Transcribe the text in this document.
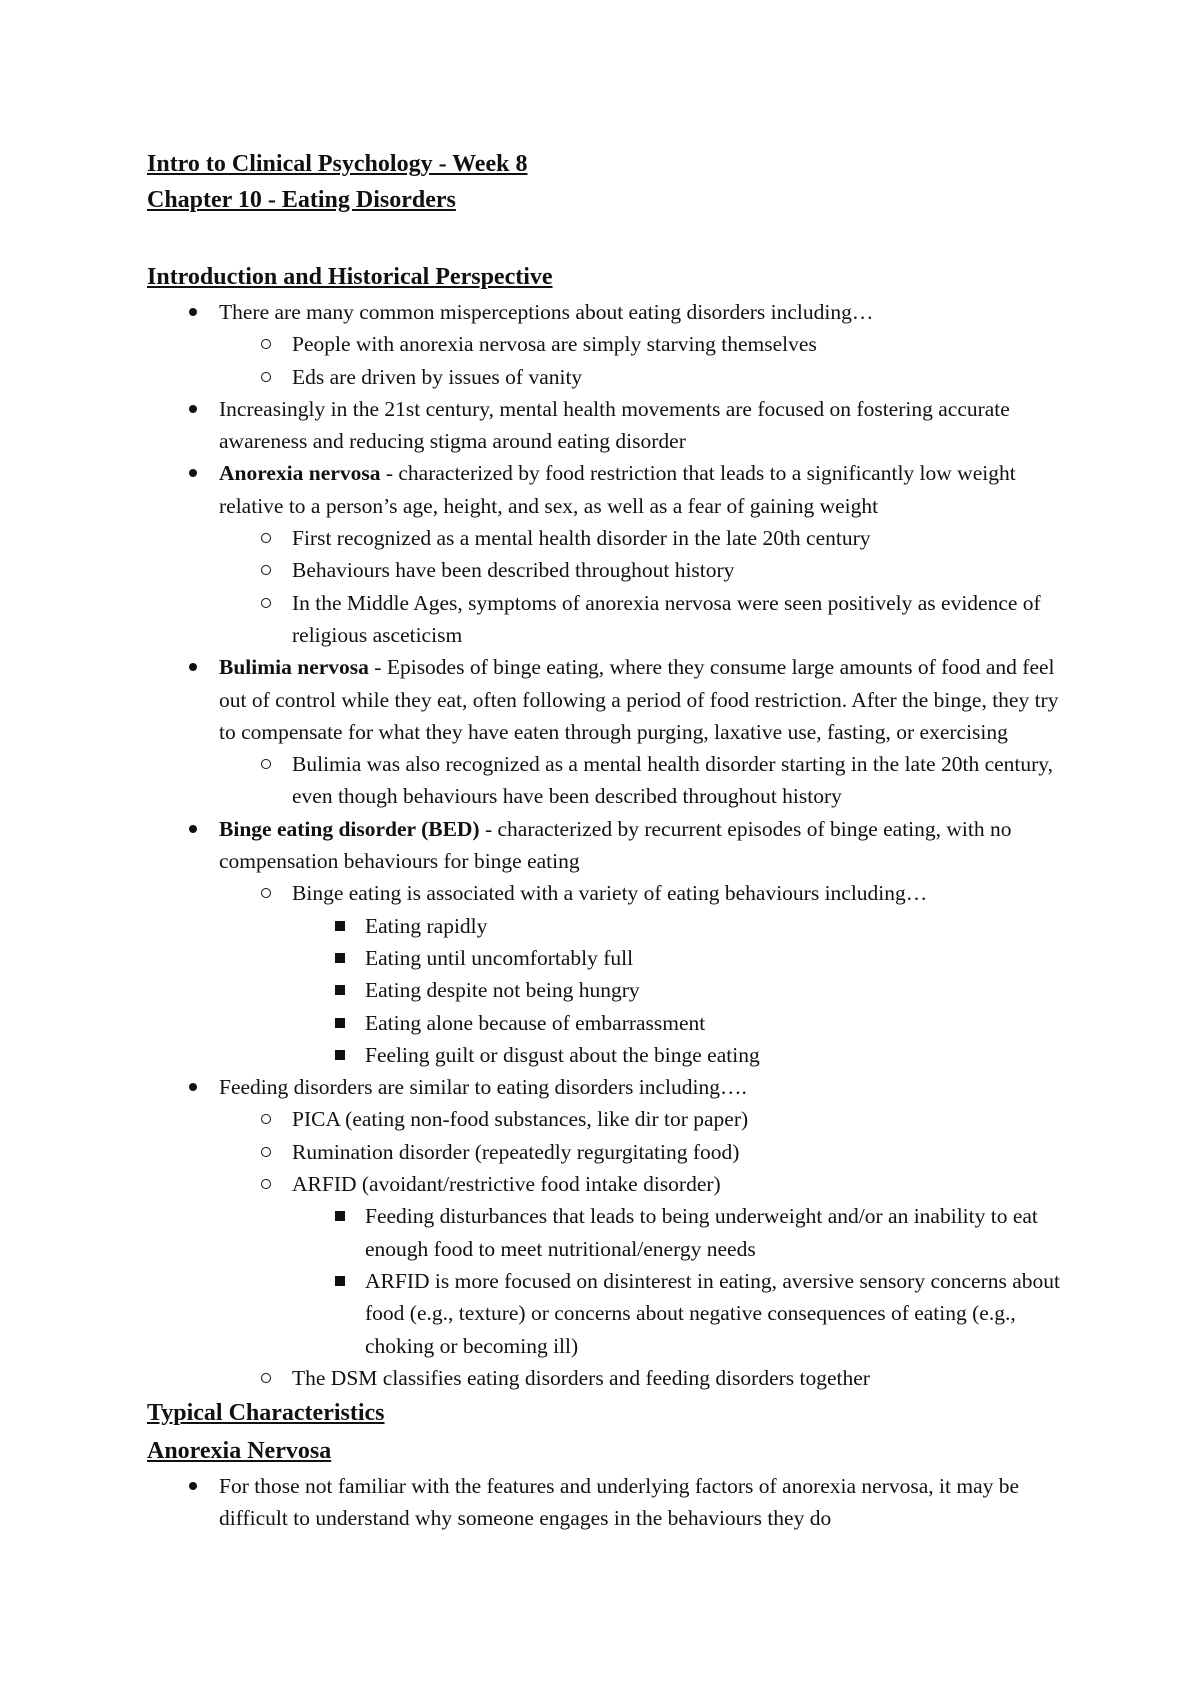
Intro to Clinical Psychology - Week 8

Chapter 10 - Eating Disorders

Introduction and Historical Perspective

There are many common misperceptions about eating disorders including…
People with anorexia nervosa are simply starving themselves
Eds are driven by issues of vanity
Increasingly in the 21st century, mental health movements are focused on fostering accurate awareness and reducing stigma around eating disorder
Anorexia nervosa - characterized by food restriction that leads to a significantly low weight relative to a person’s age, height, and sex, as well as a fear of gaining weight
First recognized as a mental health disorder in the late 20th century
Behaviours have been described throughout history
In the Middle Ages, symptoms of anorexia nervosa were seen positively as evidence of religious asceticism
Bulimia nervosa - Episodes of binge eating, where they consume large amounts of food and feel out of control while they eat, often following a period of food restriction. After the binge, they try to compensate for what they have eaten through purging, laxative use, fasting, or exercising
Bulimia was also recognized as a mental health disorder starting in the late 20th century, even though behaviours have been described throughout history
Binge eating disorder (BED) - characterized by recurrent episodes of binge eating, with no compensation behaviours for binge eating
Binge eating is associated with a variety of eating behaviours including…
Eating rapidly
Eating until uncomfortably full
Eating despite not being hungry
Eating alone because of embarrassment
Feeling guilt or disgust about the binge eating
Feeding disorders are similar to eating disorders including….
PICA (eating non-food substances, like dir tor paper)
Rumination disorder (repeatedly regurgitating food)
ARFID (avoidant/restrictive food intake disorder)
Feeding disturbances that leads to being underweight and/or an inability to eat enough food to meet nutritional/energy needs
ARFID is more focused on disinterest in eating, aversive sensory concerns about food (e.g., texture) or concerns about negative consequences of eating (e.g., choking or becoming ill)
The DSM classifies eating disorders and feeding disorders together

Typical Characteristics

Anorexia Nervosa

For those not familiar with the features and underlying factors of anorexia nervosa, it may be difficult to understand why someone engages in the behaviours they do
